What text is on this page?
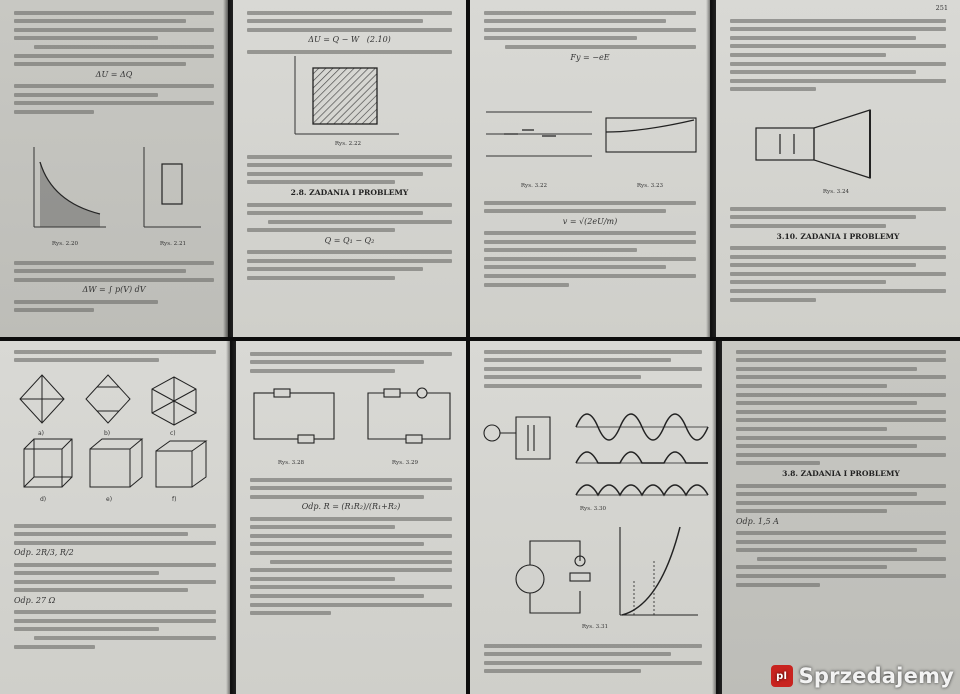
ΔU = ΔQ
Rys. 2.20	Rys. 2.21
ΔW = ∫ p(V) dV
ΔU = Q − W (2.10)
Rys. 2.22
2.8. ZADANIA I PROBLEMY
Q = Q₁ − Q₂
Fy = −eE
Rys. 3.22	Rys. 3.23
v = √(2eU/m)
251
Rys. 3.24
3.10. ZADANIA I PROBLEMY
a)	b)	c)
d)	e)	f)
Odp. 2R/3, R/2
Odp. 27 Ω
Rys. 3.28	Rys. 3.29
Odp. R = (R₁R₂)/(R₁+R₂)	Rys. 3.30
Rys. 3.31
3.8. ZADANIA I PROBLEMY
Odp. 1,5 A
pl Sprzedajemy
